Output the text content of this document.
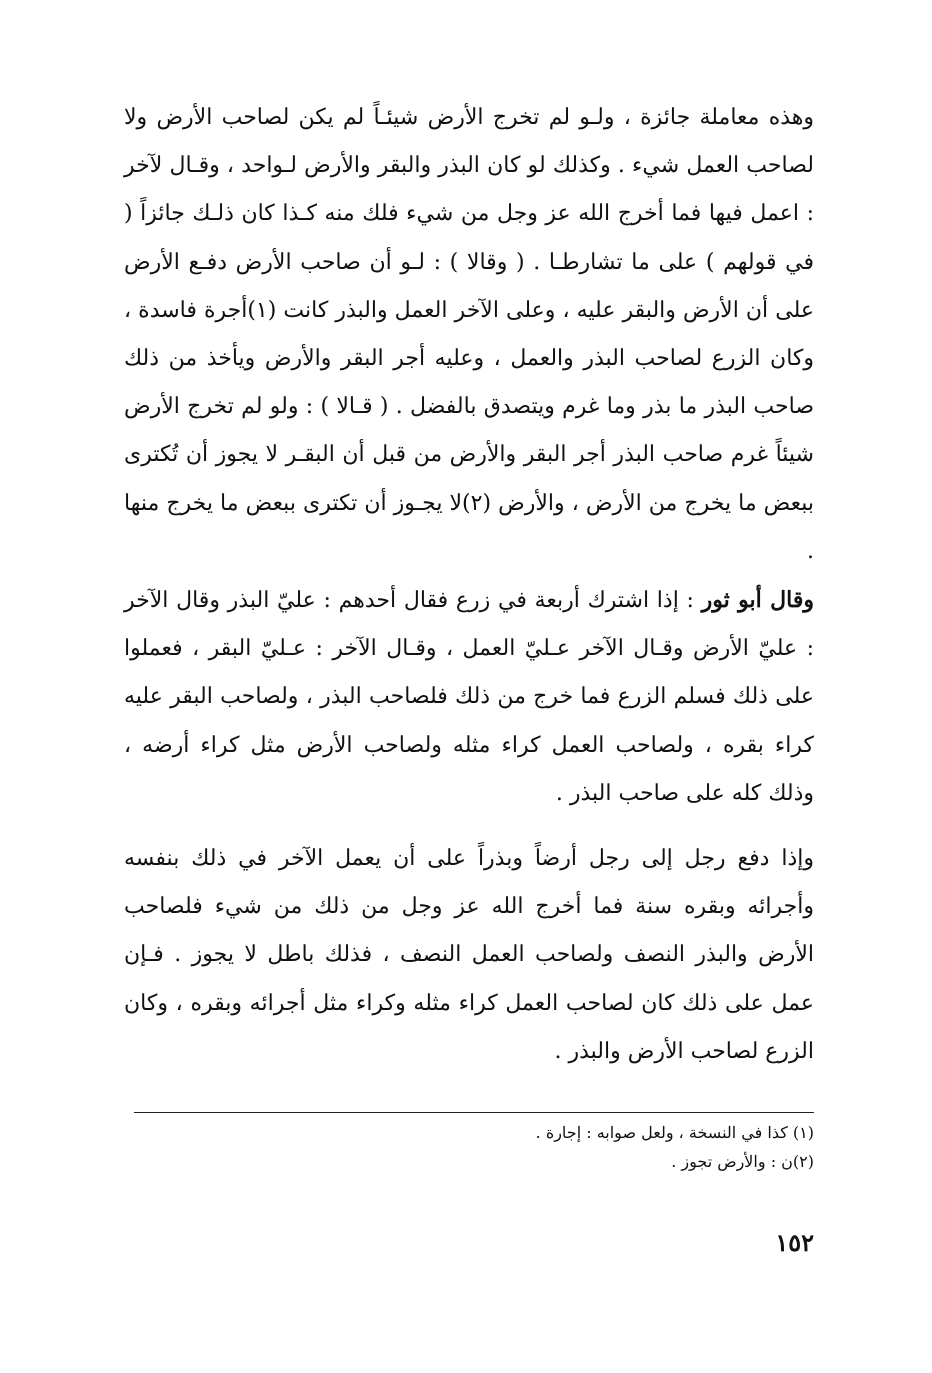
وهذه معاملة جائزة ، ولـو لم تخرج الأرض شيئـاً لم يكن لصاحب الأرض ولا لصاحب العمل شيء . وكذلك لو كان البذر والبقر والأرض لـواحد ، وقـال لآخر : اعمل فيها فما أخرج الله عز وجل من شيء فلك منه كـذا كان ذلـك جائزاً ( في قولهم ) على ما تشارطـا . ( وقالا ) : لـو أن صاحب الأرض دفـع الأرض على أن الأرض والبقر عليه ، وعلى الآخر العمل والبذر كانت (١)أجرة فاسدة ، وكان الزرع لصاحب البذر والعمل ، وعليه أجر البقر والأرض ويأخذ من ذلك صاحب البذر ما بذر وما غرم ويتصدق بالفضل . ( قـالا ) : ولو لم تخرج الأرض شيئاً غرم صاحب البذر أجر البقر والأرض من قبل أن البقـر لا يجوز أن تُكترى ببعض ما يخرج من الأرض ، والأرض (٢)لا يجـوز أن تكترى ببعض ما يخرج منها .

وقال أبو ثور : إذا اشترك أربعة في زرع فقال أحدهم : عليّ البذر وقال الآخر : عليّ الأرض وقـال الآخر عـليّ العمل ، وقـال الآخر : عـليّ البقر ، فعملوا على ذلك فسلم الزرع فما خرج من ذلك فلصاحب البذر ، ولصاحب البقر عليه كراء بقره ، ولصاحب العمل كراء مثله ولصاحب الأرض مثل كراء أرضه ، وذلك كله على صاحب البذر .

وإذا دفع رجل إلى رجل أرضاً وبذراً على أن يعمل الآخر في ذلك بنفسه وأجرائه وبقره سنة فما أخرج الله عز وجل من ذلك من شيء فلصاحب الأرض والبذر النصف ولصاحب العمل النصف ، فذلك باطل لا يجوز . فـإن عمل على ذلك كان لصاحب العمل كراء مثله وكراء مثل أجرائه وبقره ، وكان الزرع لصاحب الأرض والبذر .

(١) كذا في النسخة ، ولعل صوابه : إجارة .
(٢)ن : والأرض تجوز .
١٥٢
